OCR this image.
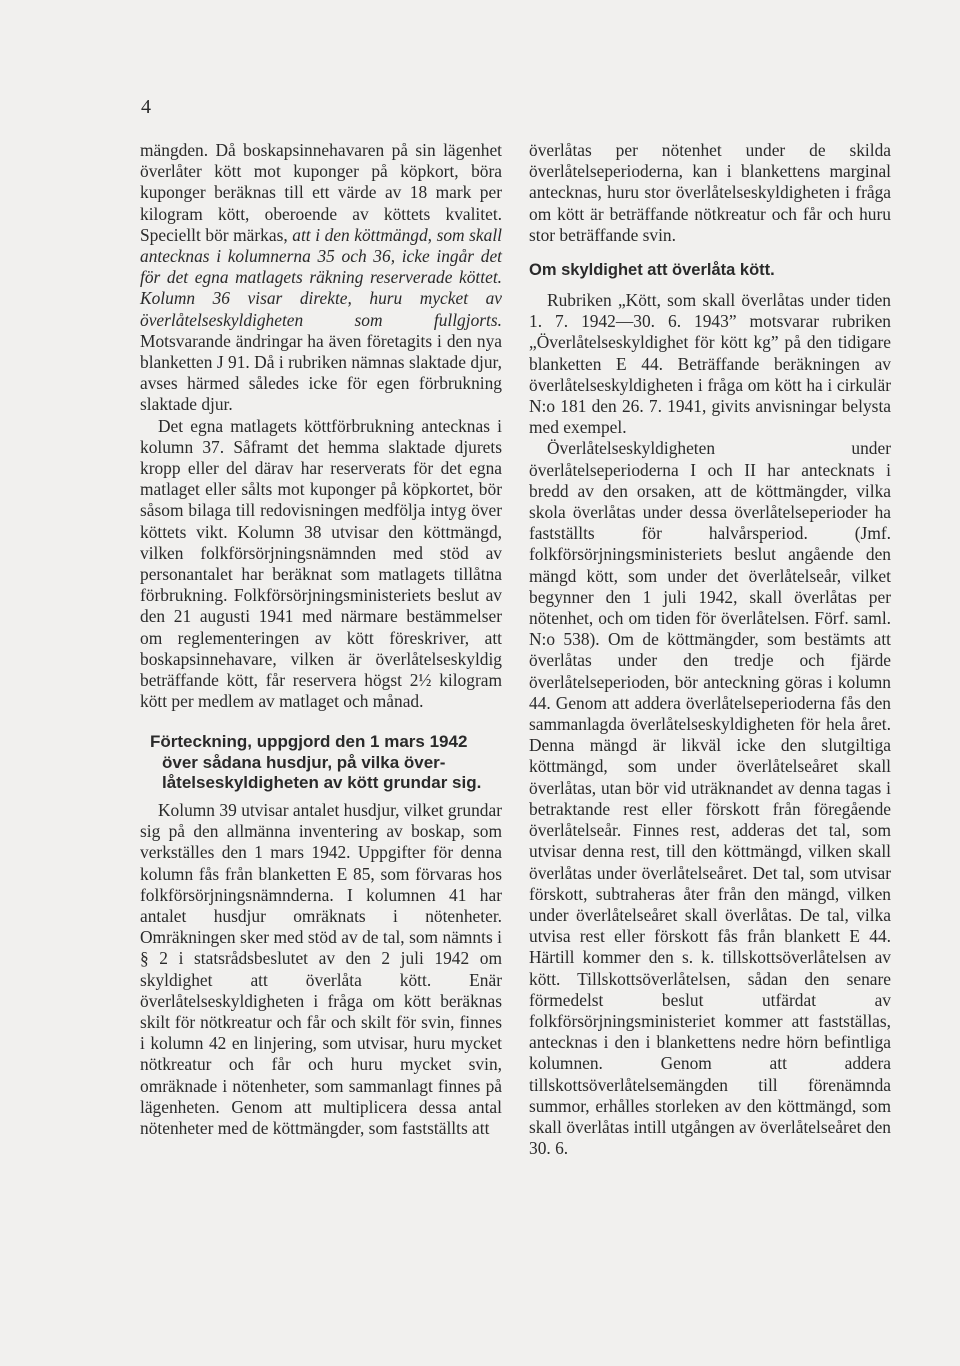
4

mängden. Då boskapsinnehavaren på sin lägenhet överlåter kött mot kuponger på köpkort, böra kuponger beräknas till ett värde av 18 mark per kilogram kött, oberoende av köttets kvalitet. Speciellt bör märkas, att i den köttmängd, som skall antecknas i kolumnerna 35 och 36, icke ingår det för det egna matlagets räkning reserverade köttet. Kolumn 36 visar direkte, huru mycket av överlåtelseskyldigheten som fullgjorts. Motsvarande ändringar ha även företagits i den nya blanketten J 91. Då i rubriken nämnas slaktade djur, avses härmed således icke för egen förbrukning slaktade djur.

Det egna matlagets köttförbrukning antecknas i kolumn 37. Såframt det hemma slaktade djurets kropp eller del därav har reserverats för det egna matlaget eller sålts mot kuponger på köpkortet, bör såsom bilaga till redovisningen medfölja intyg över köttets vikt. Kolumn 38 utvisar den köttmängd, vilken folkförsörjningsnämnden med stöd av personantalet har beräknat som matlagets tillåtna förbrukning. Folkförsörjningsministeriets beslut av den 21 augusti 1941 med närmare bestämmelser om reglementeringen av kött föreskriver, att boskapsinnehavare, vilken är överlåtelseskyldig beträffande kött, får reservera högst 2½ kilogram kött per medlem av matlaget och månad.

Förteckning, uppgjord den 1 mars 1942
över sådana husdjur, på vilka över-
låtelseskyldigheten av kött grundar sig.

Kolumn 39 utvisar antalet husdjur, vilket grundar sig på den allmänna inventering av boskap, som verkställes den 1 mars 1942. Uppgifter för denna kolumn fås från blanketten E 85, som förvaras hos folkförsörjningsnämnderna. I kolumnen 41 har antalet husdjur omräknats i nötenheter. Omräkningen sker med stöd av de tal, som nämnts i § 2 i statsrådsbeslutet av den 2 juli 1942 om skyldighet att överlåta kött. Enär överlåtelseskyldigheten i fråga om kött beräknas skilt för nötkreatur och får och skilt för svin, finnes i kolumn 42 en linjering, som utvisar, huru mycket nötkreatur och får och huru mycket svin, omräknade i nötenheter, som sammanlagt finnes på lägenheten. Genom att multiplicera dessa antal nötenheter med de köttmängder, som fastställts att

överlåtas per nötenhet under de skilda överlåtelseperioderna, kan i blankettens marginal antecknas, huru stor överlåtelseskyldigheten i fråga om kött är beträffande nötkreatur och får och huru stor beträffande svin.

Om skyldighet att överlåta kött.

Rubriken „Kött, som skall överlåtas under tiden 1. 7. 1942—30. 6. 1943” motsvarar rubriken „Överlåtelseskyldighet för kött kg” på den tidigare blanketten E 44. Beträffande beräkningen av överlåtelseskyldigheten i fråga om kött ha i cirkulär N:o 181 den 26. 7. 1941, givits anvisningar belysta med exempel.

Överlåtelseskyldigheten under överlåtelseperioderna I och II har antecknats i bredd av den orsaken, att de köttmängder, vilka skola överlåtas under dessa överlåtelseperioder ha fastställts för halvårsperiod. (Jmf. folkförsörjningsministeriets beslut angående den mängd kött, som under det överlåtelseår, vilket begynner den 1 juli 1942, skall överlåtas per nötenhet, och om tiden för överlåtelsen. Förf. saml. N:o 538). Om de köttmängder, som bestämts att överlåtas under den tredje och fjärde överlåtelseperioden, bör anteckning göras i kolumn 44. Genom att addera överlåtelseperioderna fås den sammanlagda överlåtelseskyldigheten för hela året. Denna mängd är likväl icke den slutgiltiga köttmängd, som under överlåtelseåret skall överlåtas, utan bör vid uträknandet av denna tagas i betraktande rest eller förskott från föregående överlåtelseår. Finnes rest, adderas det tal, som utvisar denna rest, till den köttmängd, vilken skall överlåtas under överlåtelseåret. Det tal, som utvisar förskott, subtraheras åter från den mängd, vilken under överlåtelseåret skall överlåtas. De tal, vilka utvisa rest eller förskott fås från blankett E 44. Härtill kommer den s. k. tillskottsöverlåtelsen av kött. Tillskottsöverlåtelsen, sådan den senare förmedelst beslut utfärdat av folkförsörjningsministeriet kommer att fastställas, antecknas i den i blankettens nedre hörn befintliga kolumnen. Genom att addera tillskottsöverlåtelsemängden till förenämnda summor, erhålles storleken av den köttmängd, som skall överlåtas intill utgången av överlåtelseåret den 30. 6.
